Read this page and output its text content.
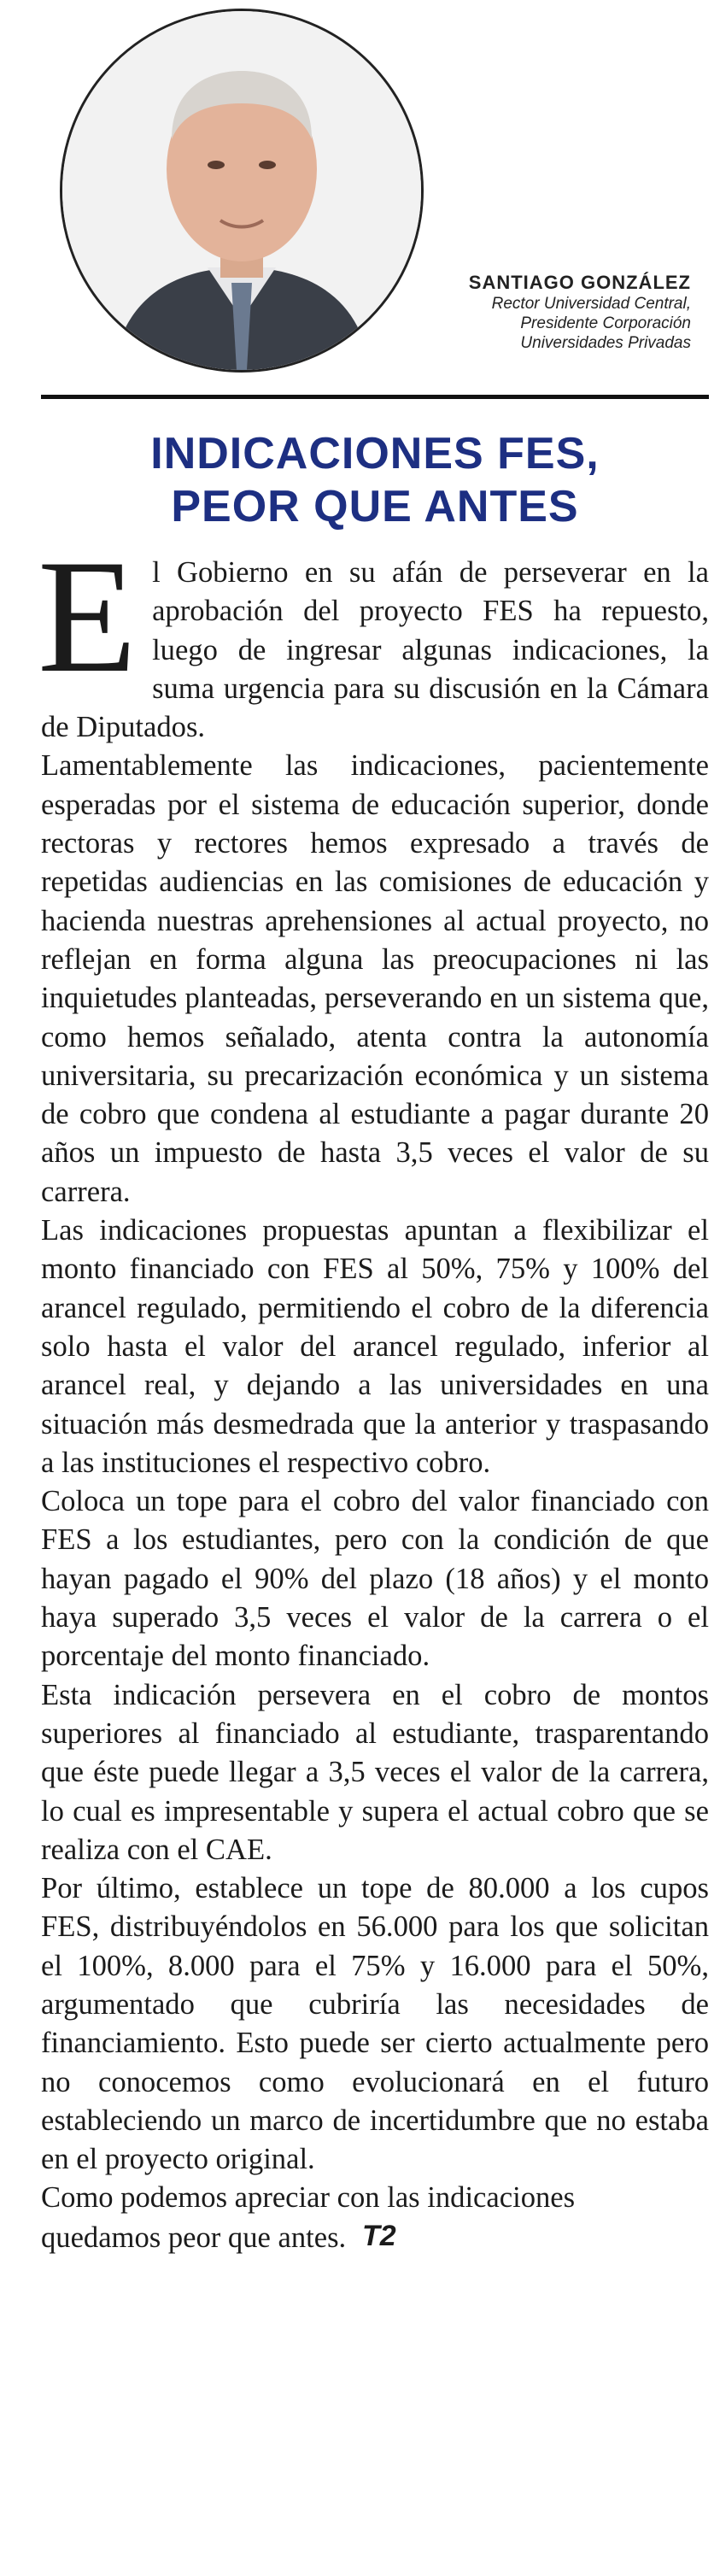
SANTIAGO GONZÁLEZ
Rector Universidad Central,
Presidente Corporación
Universidades Privadas
INDICACIONES FES,
PEOR QUE ANTES

El Gobierno en su afán de perseverar en la aprobación del proyecto FES ha repuesto, luego de ingresar algunas indicaciones, la suma urgencia para su discusión en la Cámara de Diputados.

Lamentablemente las indicaciones, pacientemente esperadas por el sistema de educación superior, donde rectoras y rectores hemos expresado a través de repetidas audiencias en las comisiones de educación y hacienda nuestras aprehensiones al actual proyecto, no reflejan en forma alguna las preocupaciones ni las inquietudes planteadas, perseverando en un sistema que, como hemos señalado, atenta contra la autonomía universitaria, su precarización económica y un sistema de cobro que condena al estudiante a pagar durante 20 años un impuesto de hasta 3,5 veces el valor de su carrera.

Las indicaciones propuestas apuntan a flexibilizar el monto financiado con FES al 50%, 75% y 100% del arancel regulado, permitiendo el cobro de la diferencia solo hasta el valor del arancel regulado, inferior al arancel real, y dejando a las universidades en una situación más desmedrada que la anterior y traspasando a las instituciones el respectivo cobro.

Coloca un tope para el cobro del valor financiado con FES a los estudiantes, pero con la condición de que hayan pagado el 90% del plazo (18 años) y el monto haya superado 3,5 veces el valor de la carrera o el porcentaje del monto financiado.

Esta indicación persevera en el cobro de montos superiores al financiado al estudiante, trasparentando que éste puede llegar a 3,5 veces el valor de la carrera, lo cual es impresentable y supera el actual cobro que se realiza con el CAE.

Por último, establece un tope de 80.000 a los cupos FES, distribuyéndolos en 56.000 para los que solicitan el 100%, 8.000 para el 75% y 16.000 para el 50%, argumentado que cubriría las necesidades de financiamiento. Esto puede ser cierto actualmente pero no conocemos como evolucionará en el futuro estableciendo un marco de incertidumbre que no estaba en el proyecto original.

Como podemos apreciar con las indicaciones
quedamos peor que antes. T2
